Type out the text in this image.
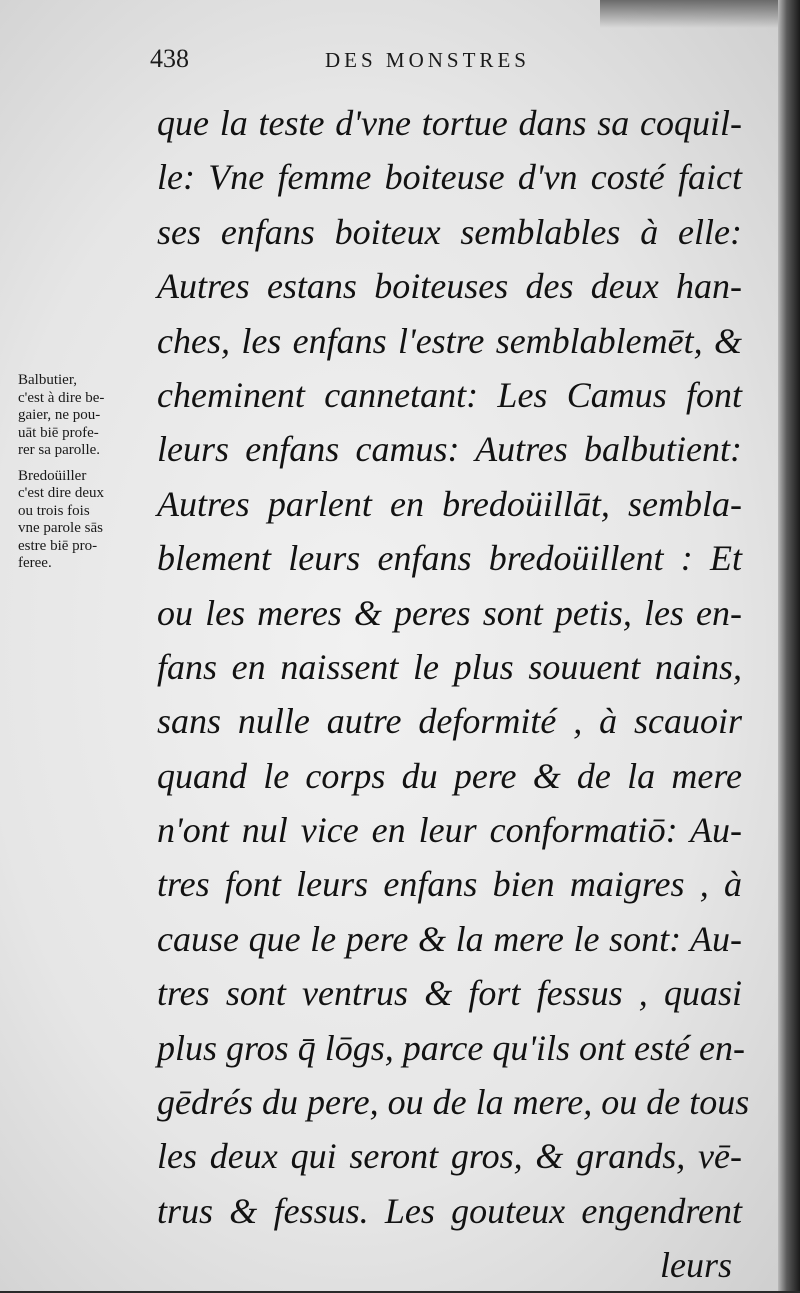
438	DES MONSTRES
Balbutier,
c'est à dire be-
gaier, ne pou-
uāt biē profe-
rer sa parolle.
Bredoüiller
c'est dire deux
ou trois fois
vne parole sās
estre biē pro-
feree.
que la teste d'vne tortue dans sa coquil-
le: Vne femme boiteuse d'vn costé faict
ses enfans boiteux semblables à elle:
Autres estans boiteuses des deux han-
ches, les enfans l'estre semblablemēt, &
cheminent cannetant: Les Camus font
leurs enfans camus: Autres balbutient:
Autres parlent en bredoüillāt, sembla-
blement leurs enfans bredoüillent : Et
ou les meres & peres sont petis, les en-
fans en naissent le plus souuent nains,
sans nulle autre deformité , à scauoir
quand le corps du pere & de la mere
n'ont nul vice en leur conformatiō: Au-
tres font leurs enfans bien maigres , à
cause que le pere & la mere le sont: Au-
tres sont ventrus & fort fessus , quasi
plus gros q̄ lōgs, parce qu'ils ont esté en-
gēdrés du pere, ou de la mere, ou de tous
les deux qui seront gros, & grands, vē-
trus & fessus. Les gouteux engendrent
leurs
